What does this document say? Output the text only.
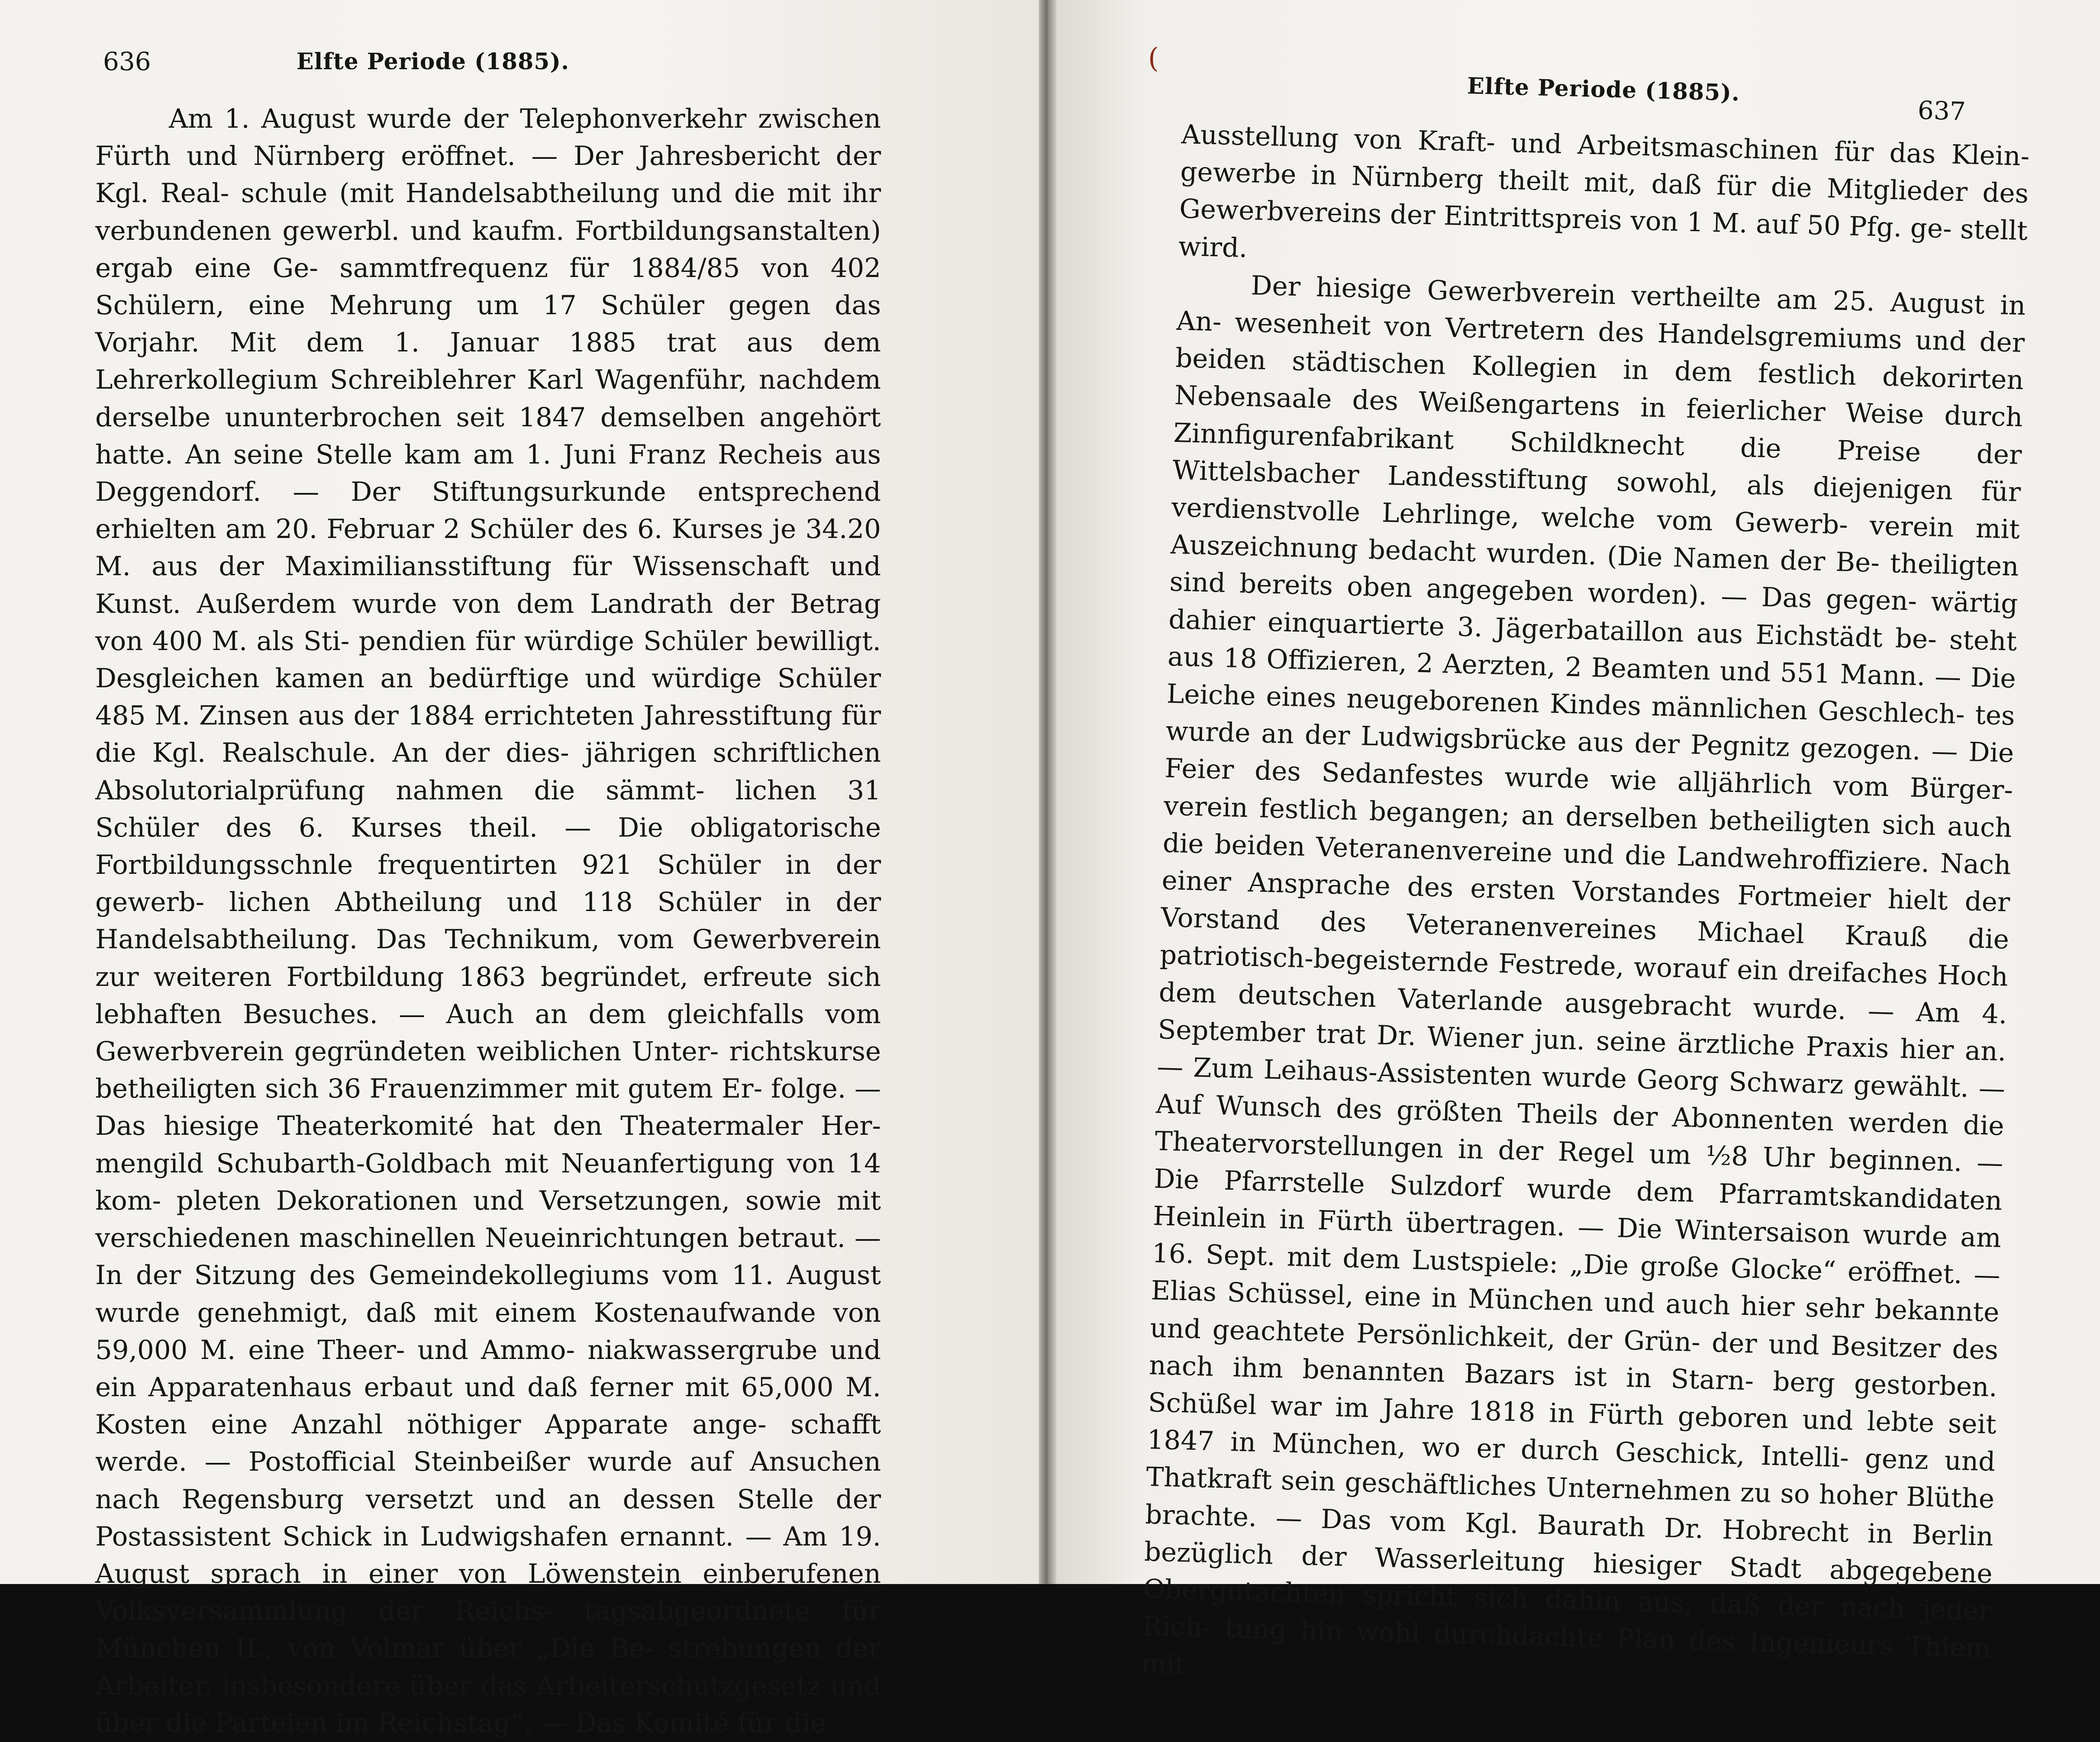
636	Elfte Periode (1885).

Am 1. August wurde der Telephonverkehr zwischen Fürth und Nürnberg eröffnet. — Der Jahresbericht der Kgl. Real- schule (mit Handelsabtheilung und die mit ihr verbundenen gewerbl. und kaufm. Fortbildungsanstalten) ergab eine Ge- sammtfrequenz für 1884/85 von 402 Schülern, eine Mehrung um 17 Schüler gegen das Vorjahr. Mit dem 1. Januar 1885 trat aus dem Lehrerkollegium Schreiblehrer Karl Wagenführ, nachdem derselbe ununterbrochen seit 1847 demselben angehört hatte. An seine Stelle kam am 1. Juni Franz Recheis aus Deggendorf. — Der Stiftungsurkunde entsprechend erhielten am 20. Februar 2 Schüler des 6. Kurses je 34.20 M. aus der Maximiliansstiftung für Wissenschaft und Kunst. Außerdem wurde von dem Landrath der Betrag von 400 M. als Sti- pendien für würdige Schüler bewilligt. Desgleichen kamen an bedürftige und würdige Schüler 485 M. Zinsen aus der 1884 errichteten Jahresstiftung für die Kgl. Realschule. An der dies- jährigen schriftlichen Absolutorialprüfung nahmen die sämmt- lichen 31 Schüler des 6. Kurses theil. — Die obligatorische Fortbildungsschnle frequentirten 921 Schüler in der gewerb- lichen Abtheilung und 118 Schüler in der Handelsabtheilung. Das Technikum, vom Gewerbverein zur weiteren Fortbildung 1863 begründet, erfreute sich lebhaften Besuches. — Auch an dem gleichfalls vom Gewerbverein gegründeten weiblichen Unter- richtskurse betheiligten sich 36 Frauenzimmer mit gutem Er- folge. — Das hiesige Theaterkomité hat den Theatermaler Her- mengild Schubarth-Goldbach mit Neuanfertigung von 14 kom- pleten Dekorationen und Versetzungen, sowie mit verschiedenen maschinellen Neueinrichtungen betraut. — In der Sitzung des Gemeindekollegiums vom 11. August wurde genehmigt, daß mit einem Kostenaufwande von 59,000 M. eine Theer- und Ammo- niakwassergrube und ein Apparatenhaus erbaut und daß ferner mit 65,000 M. Kosten eine Anzahl nöthiger Apparate ange- schafft werde. — Postofficial Steinbeißer wurde auf Ansuchen nach Regensburg versetzt und an dessen Stelle der Postassistent Schick in Ludwigshafen ernannt. — Am 19. August sprach in einer von Löwenstein einberufenen Volksversammlung der Reichs- tagsabgeordnete für München II., von Volmar über „Die Be- strebungen der Arbeiter, insbesondere über das Arbeiterschutzgesetz und über die Parteien im Reichstag“. — Das Komité für die

(
Elfte Periode (1885).
637

Ausstellung von Kraft- und Arbeitsmaschinen für das Klein- gewerbe in Nürnberg theilt mit, daß für die Mitglieder des Gewerbvereins der Eintrittspreis von 1 M. auf 50 Pfg. ge- stellt wird.

Der hiesige Gewerbverein vertheilte am 25. August in An- wesenheit von Vertretern des Handelsgremiums und der beiden städtischen Kollegien in dem festlich dekorirten Nebensaale des Weißengartens in feierlicher Weise durch Zinnfigurenfabrikant Schildknecht die Preise der Wittelsbacher Landesstiftung sowohl, als diejenigen für verdienstvolle Lehrlinge, welche vom Gewerb- verein mit Auszeichnung bedacht wurden. (Die Namen der Be- theiligten sind bereits oben angegeben worden). — Das gegen- wärtig dahier einquartierte 3. Jägerbataillon aus Eichstädt be- steht aus 18 Offizieren, 2 Aerzten, 2 Beamten und 551 Mann. — Die Leiche eines neugeborenen Kindes männlichen Geschlech- tes wurde an der Ludwigsbrücke aus der Pegnitz gezogen. — Die Feier des Sedanfestes wurde wie alljährlich vom Bürger- verein festlich begangen; an derselben betheiligten sich auch die beiden Veteranenvereine und die Landwehroffiziere. Nach einer Ansprache des ersten Vorstandes Fortmeier hielt der Vorstand des Veteranenvereines Michael Krauß die patriotisch-begeisternde Festrede, worauf ein dreifaches Hoch dem deutschen Vaterlande ausgebracht wurde. — Am 4. September trat Dr. Wiener jun. seine ärztliche Praxis hier an. — Zum Leihaus-Assistenten wurde Georg Schwarz gewählt. — Auf Wunsch des größten Theils der Abonnenten werden die Theatervorstellungen in der Regel um ½8 Uhr beginnen. — Die Pfarrstelle Sulzdorf wurde dem Pfarramtskandidaten Heinlein in Fürth übertragen. — Die Wintersaison wurde am 16. Sept. mit dem Lustspiele: „Die große Glocke“ eröffnet. — Elias Schüssel, eine in München und auch hier sehr bekannte und geachtete Persönlichkeit, der Grün- der und Besitzer des nach ihm benannten Bazars ist in Starn- berg gestorben. Schüßel war im Jahre 1818 in Fürth geboren und lebte seit 1847 in München, wo er durch Geschick, Intelli- genz und Thatkraft sein geschäftliches Unternehmen zu so hoher Blüthe brachte. — Das vom Kgl. Baurath Dr. Hobrecht in Berlin bezüglich der Wasserleitung hiesiger Stadt abgegebene Obergutachten spricht sich dahin aus, daß der nach jeder Rich- tung hin wohl durchdachte Plan des Ingenieurs Thiem mit
